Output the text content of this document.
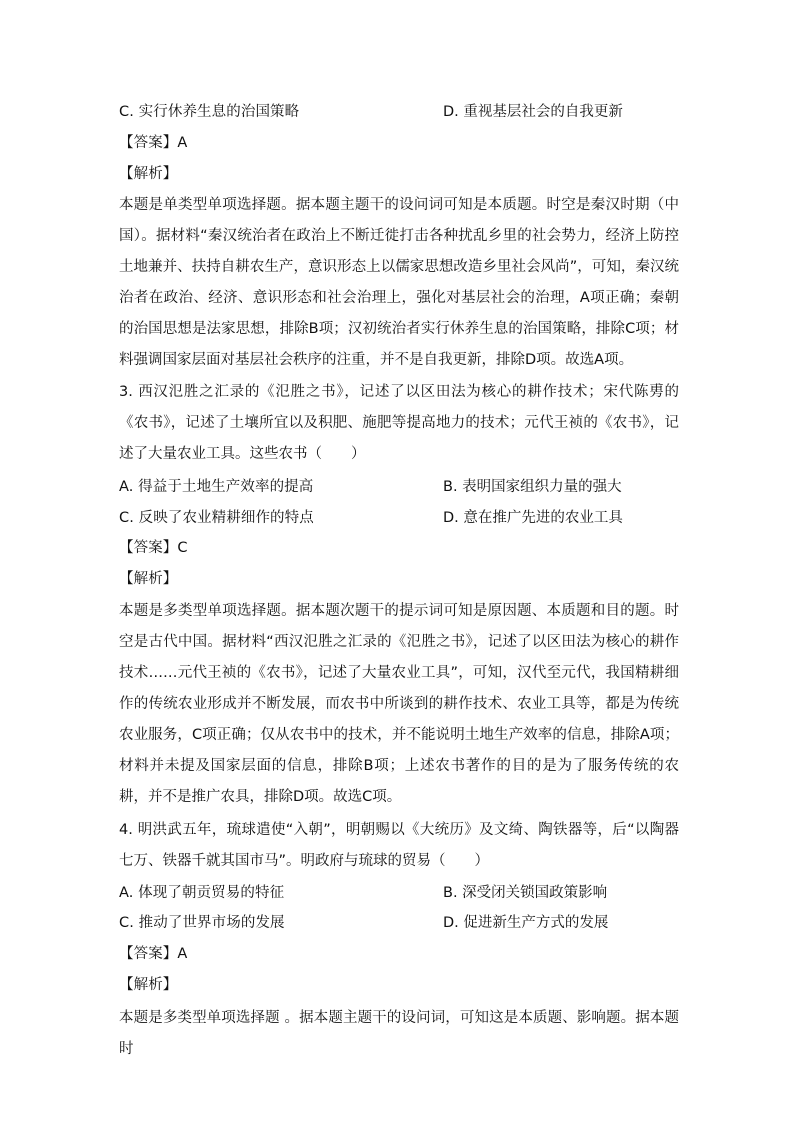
C. 实行休养生息的治国策略	D. 重视基层社会的自我更新
【答案】A
【解析】
本题是单类型单项选择题。据本题主题干的设问词可知是本质题。时空是秦汉时期（中国）。据材料“秦汉统治者在政治上不断迁徙打击各种扰乱乡里的社会势力，经济上防控土地兼并、扶持自耕农生产，意识形态上以儒家思想改造乡里社会风尚”，可知，秦汉统治者在政治、经济、意识形态和社会治理上，强化对基层社会的治理，A项正确；秦朝的治国思想是法家思想，排除B项；汉初统治者实行休养生息的治国策略，排除C项；材料强调国家层面对基层社会秩序的注重，并不是自我更新，排除D项。故选A项。
3. 西汉氾胜之汇录的《氾胜之书》，记述了以区田法为核心的耕作技术；宋代陈旉的《农书》，记述了土壤所宜以及积肥、施肥等提高地力的技术；元代王祯的《农书》，记述了大量农业工具。这些农书（　　）
A. 得益于土地生产效率的提高	B. 表明国家组织力量的强大
C. 反映了农业精耕细作的特点	D. 意在推广先进的农业工具
【答案】C
【解析】
本题是多类型单项选择题。据本题次题干的提示词可知是原因题、本质题和目的题。时空是古代中国。据材料“西汉氾胜之汇录的《氾胜之书》，记述了以区田法为核心的耕作技术……元代王祯的《农书》，记述了大量农业工具”，可知，汉代至元代，我国精耕细作的传统农业形成并不断发展，而农书中所谈到的耕作技术、农业工具等，都是为传统农业服务，C项正确；仅从农书中的技术，并不能说明土地生产效率的信息，排除A项；材料并未提及国家层面的信息，排除B项；上述农书著作的目的是为了服务传统的农耕，并不是推广农具，排除D项。故选C项。
4. 明洪武五年，琉球遣使“入朝”，明朝赐以《大统历》及文绮、陶铁器等，后“以陶器七万、铁器千就其国市马”。明政府与琉球的贸易（　　）
A. 体现了朝贡贸易的特征	B. 深受闭关锁国政策影响
C. 推动了世界市场的发展	D. 促进新生产方式的发展
【答案】A
【解析】
本题是多类型单项选择题 。据本题主题干的设问词，可知这是本质题、影响题。据本题时
